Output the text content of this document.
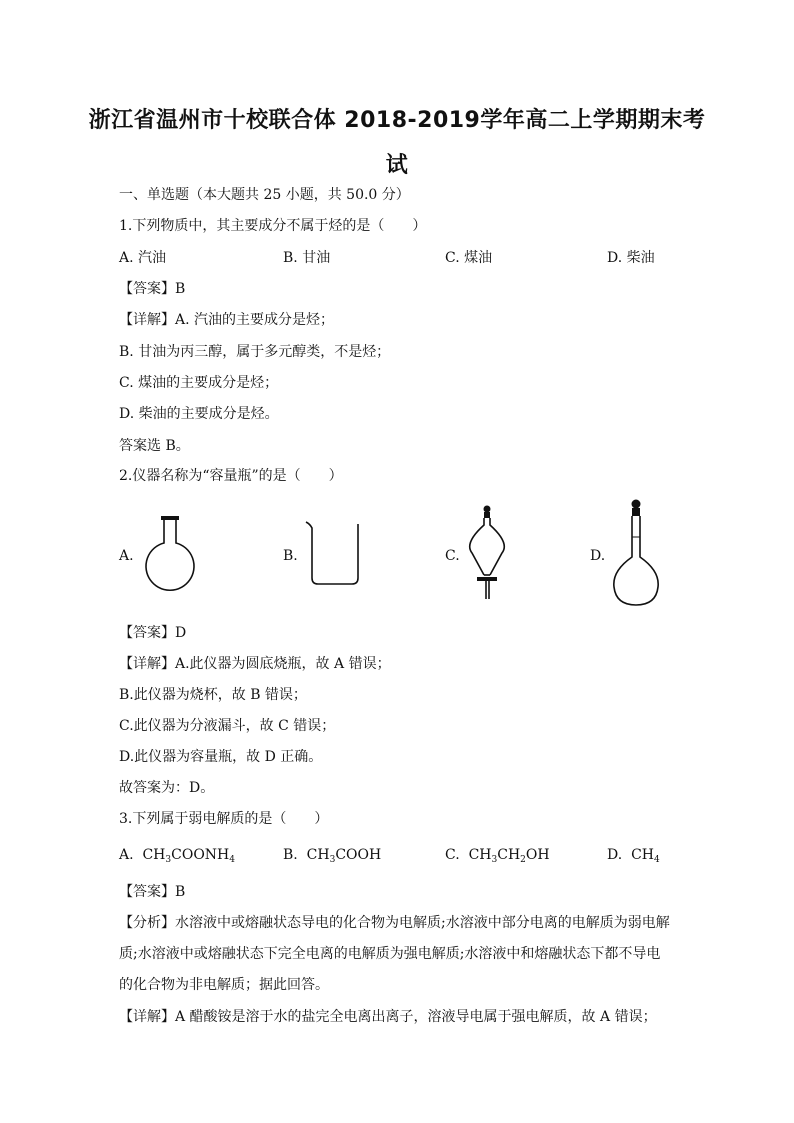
浙江省温州市十校联合体 2018-2019学年高二上学期期末考
试
一、单选题（本大题共 25 小题，共 50.0 分）
1.下列物质中，其主要成分不属于烃的是（　　）
A. 汽油	B. 甘油	C. 煤油	D. 柴油
【答案】B
【详解】A. 汽油的主要成分是烃；
B. 甘油为丙三醇，属于多元醇类，不是烃；
C. 煤油的主要成分是烃；
D. 柴油的主要成分是烃。
答案选 B。
2.仪器名称为“容量瓶”的是（　　）
A.	B.	C.	D.
【答案】D
【详解】A.此仪器为圆底烧瓶，故 A 错误；
B.此仪器为烧杯，故 B 错误；
C.此仪器为分液漏斗，故 C 错误；
D.此仪器为容量瓶，故 D 正确。
故答案为：D。
3.下列属于弱电解质的是（　　）
A. $CH_3COONH_4$	B. $CH_3COOH$	C. $CH_3CH_2OH$	D. $CH_4$
【答案】B
【分析】水溶液中或熔融状态导电的化合物为电解质;水溶液中部分电离的电解质为弱电解
质;水溶液中或熔融状态下完全电离的电解质为强电解质;水溶液中和熔融状态下都不导电
的化合物为非电解质；据此回答。
【详解】A 醋酸铵是溶于水的盐完全电离出离子，溶液导电属于强电解质，故 A 错误；
